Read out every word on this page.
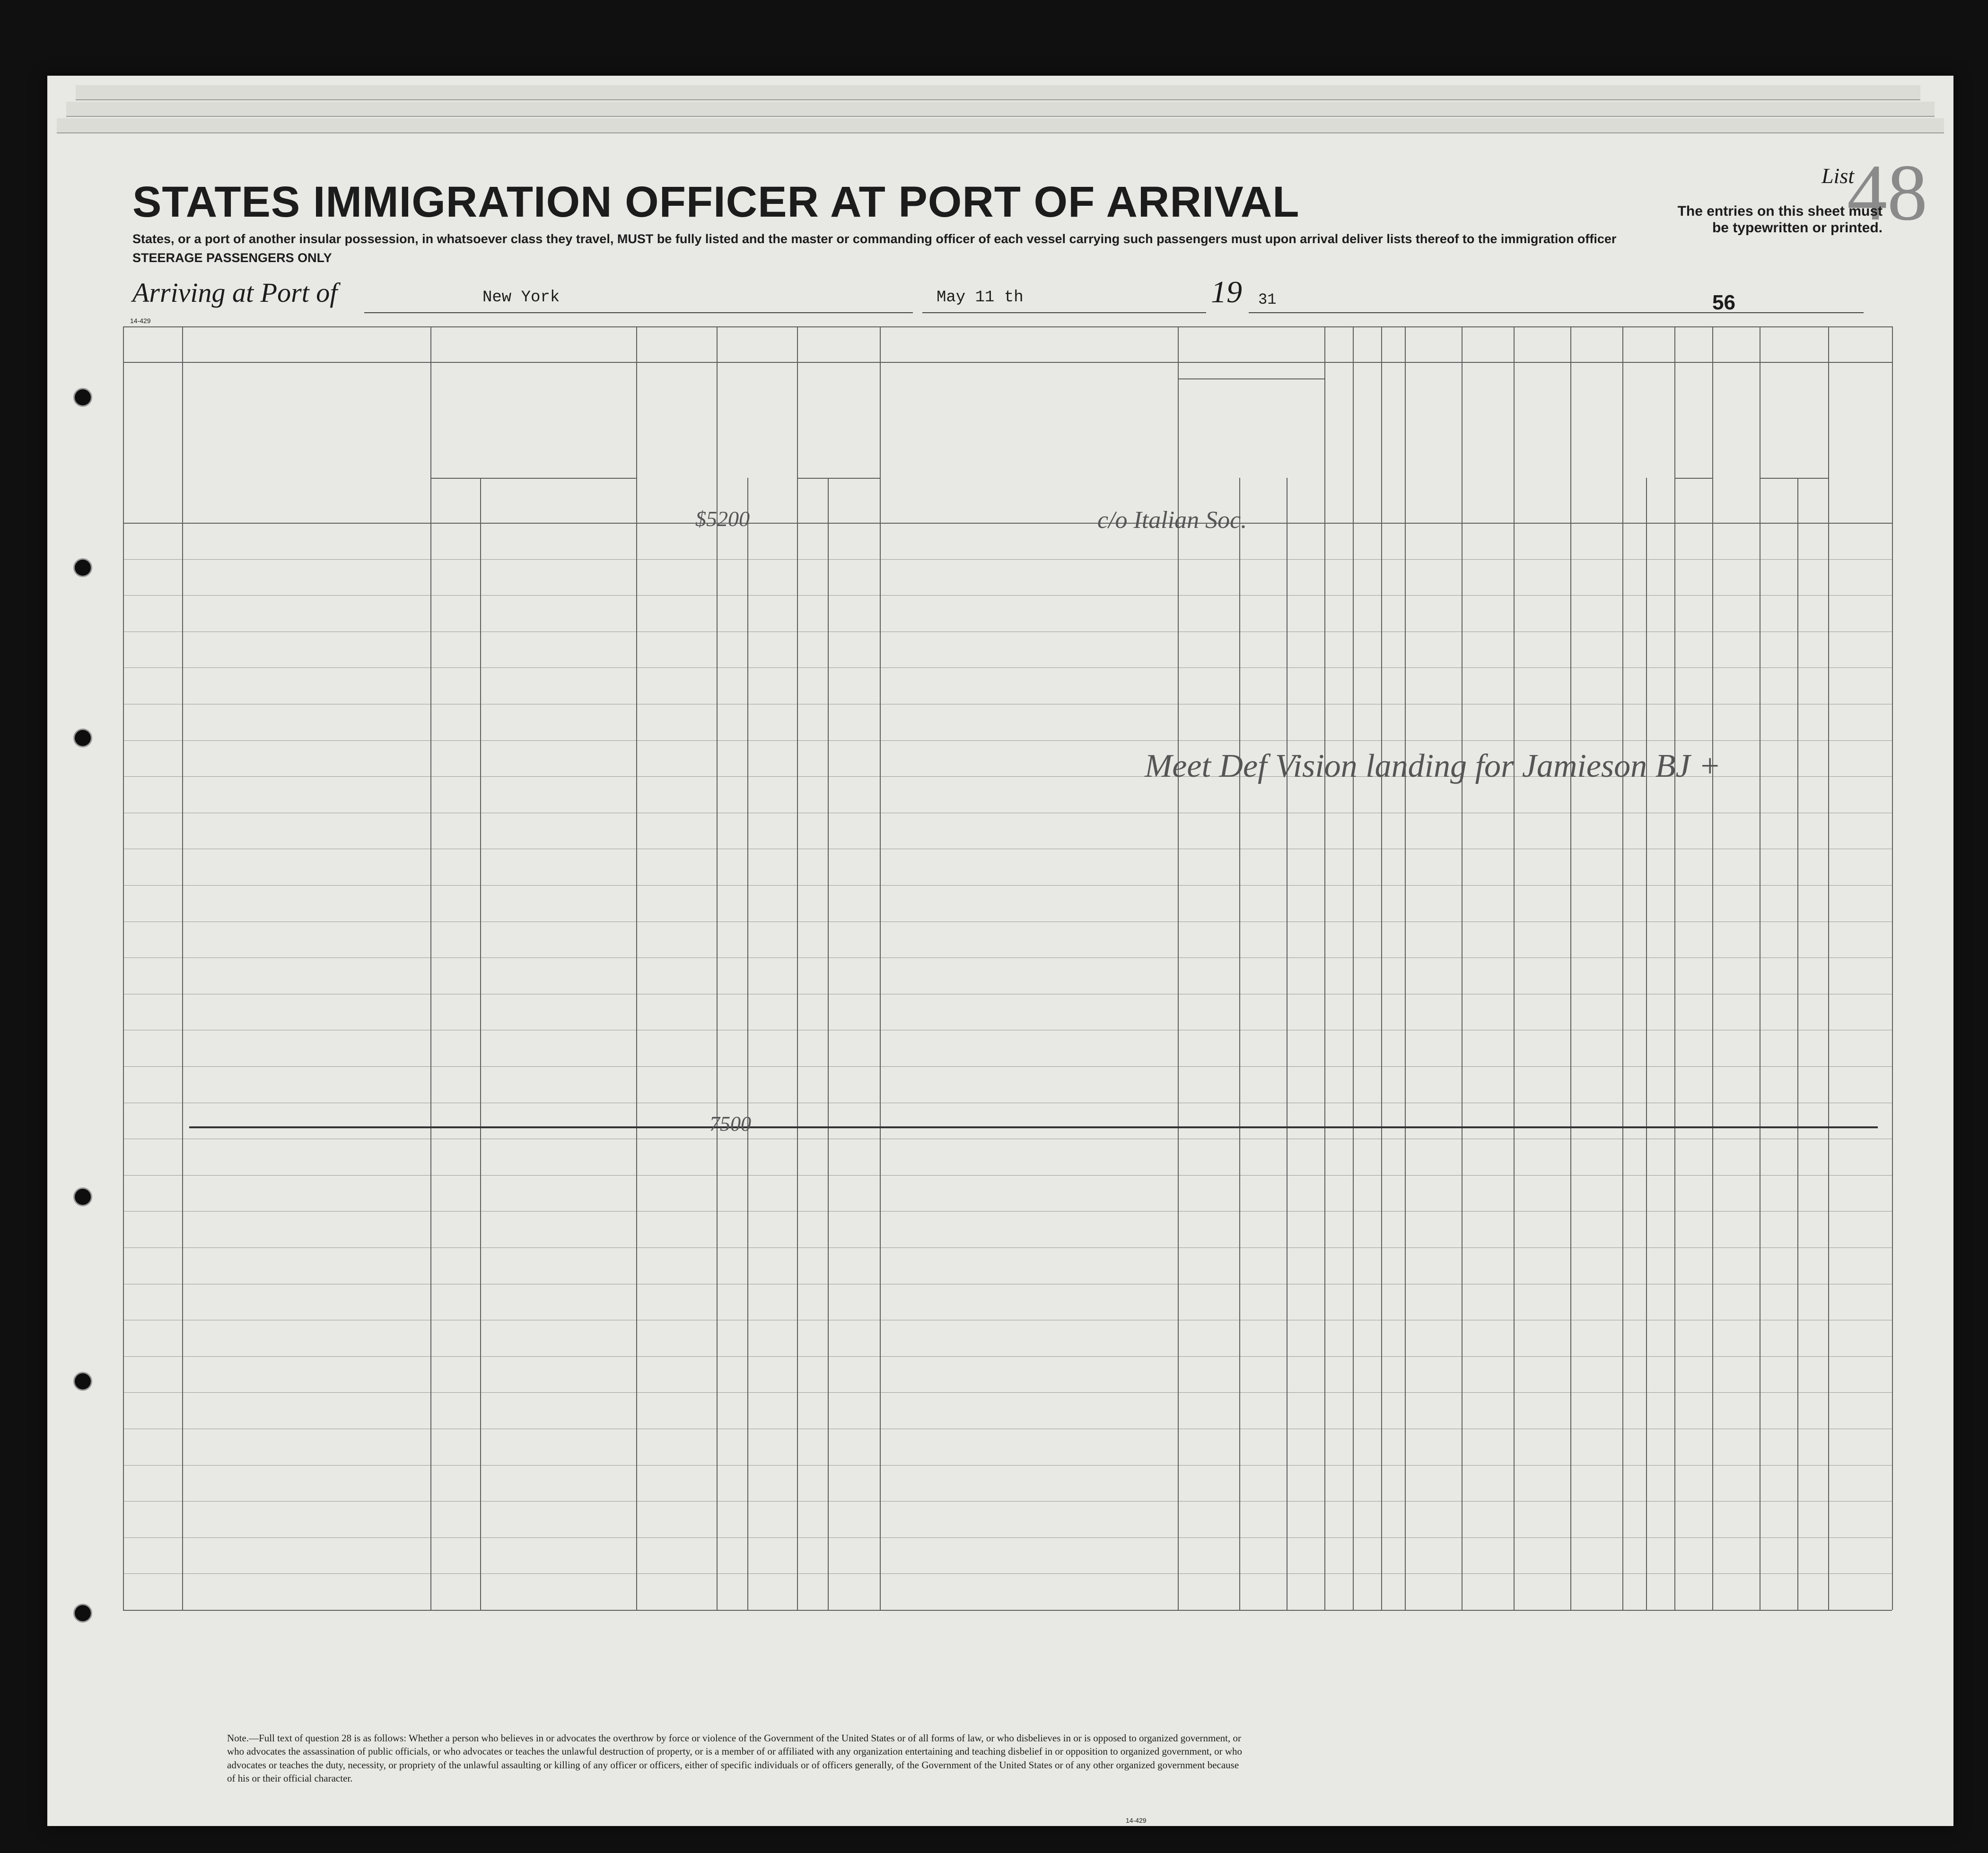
STATES IMMIGRATION OFFICER AT PORT OF ARRIVAL
States, or a port of another insular possession, in whatsoever class they travel, MUST be fully listed and the master or commanding officer of each vessel carrying such passengers must upon arrival deliver lists thereof to the immigration officer
STEERAGE PASSENGERS ONLY
List
48
The entries on this sheet must
be typewritten or printed.
Arriving at Port of	New York	May 11 th	19 31	56
14-429
c/o Italian Soc.
Meet Def Vision landing for Jamieson BJ +
$5200
7500
Note.—Full text of question 28 is as follows: Whether a person who believes in or advocates the overthrow by force or violence of the Government of the United States or of all forms of law, or who disbelieves in or is opposed to organized government, or who advocates the assassination of public officials, or who advocates or teaches the unlawful destruction of property, or is a member of or affiliated with any organization entertaining and teaching disbelief in or opposition to organized government, or who advocates or teaches the duty, necessity, or propriety of the unlawful assaulting or killing of any officer or officers, either of specific individuals or of officers generally, of the Government of the United States or of any other organized government because of his or their official character.
14-429
